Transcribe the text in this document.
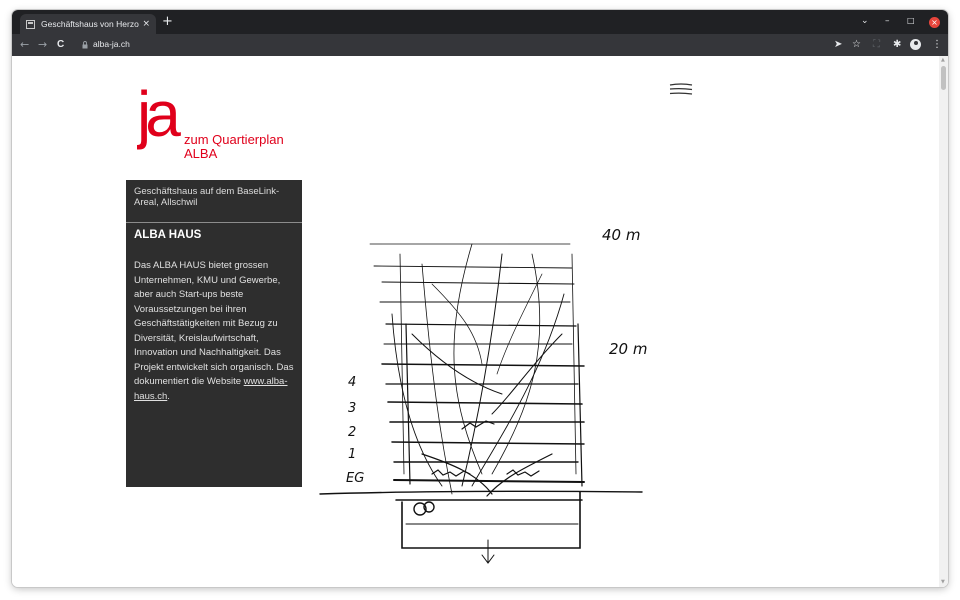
Geschäftshaus von Herzo × +	⌄ – □ ×
← → C	alba-ja.ch	➤ ☆ ⛶ ✱	⋮
ja zum Quartierplan
ALBA
Geschäftshaus auf dem BaseLink-Areal, Allschwil
ALBA HAUS
Das ALBA HAUS bietet grossen Unternehmen, KMU und Gewerbe, aber auch Start-ups beste Voraussetzungen bei ihren Geschäftstätigkeiten mit Bezug zu Diversität, Kreislaufwirtschaft, Innovation und Nachhaltigkeit. Das Projekt entwickelt sich organisch. Das dokumentiert die Website www.alba-haus.ch.
40 m
20 m
4
3
2
1
EG
▲
▼
